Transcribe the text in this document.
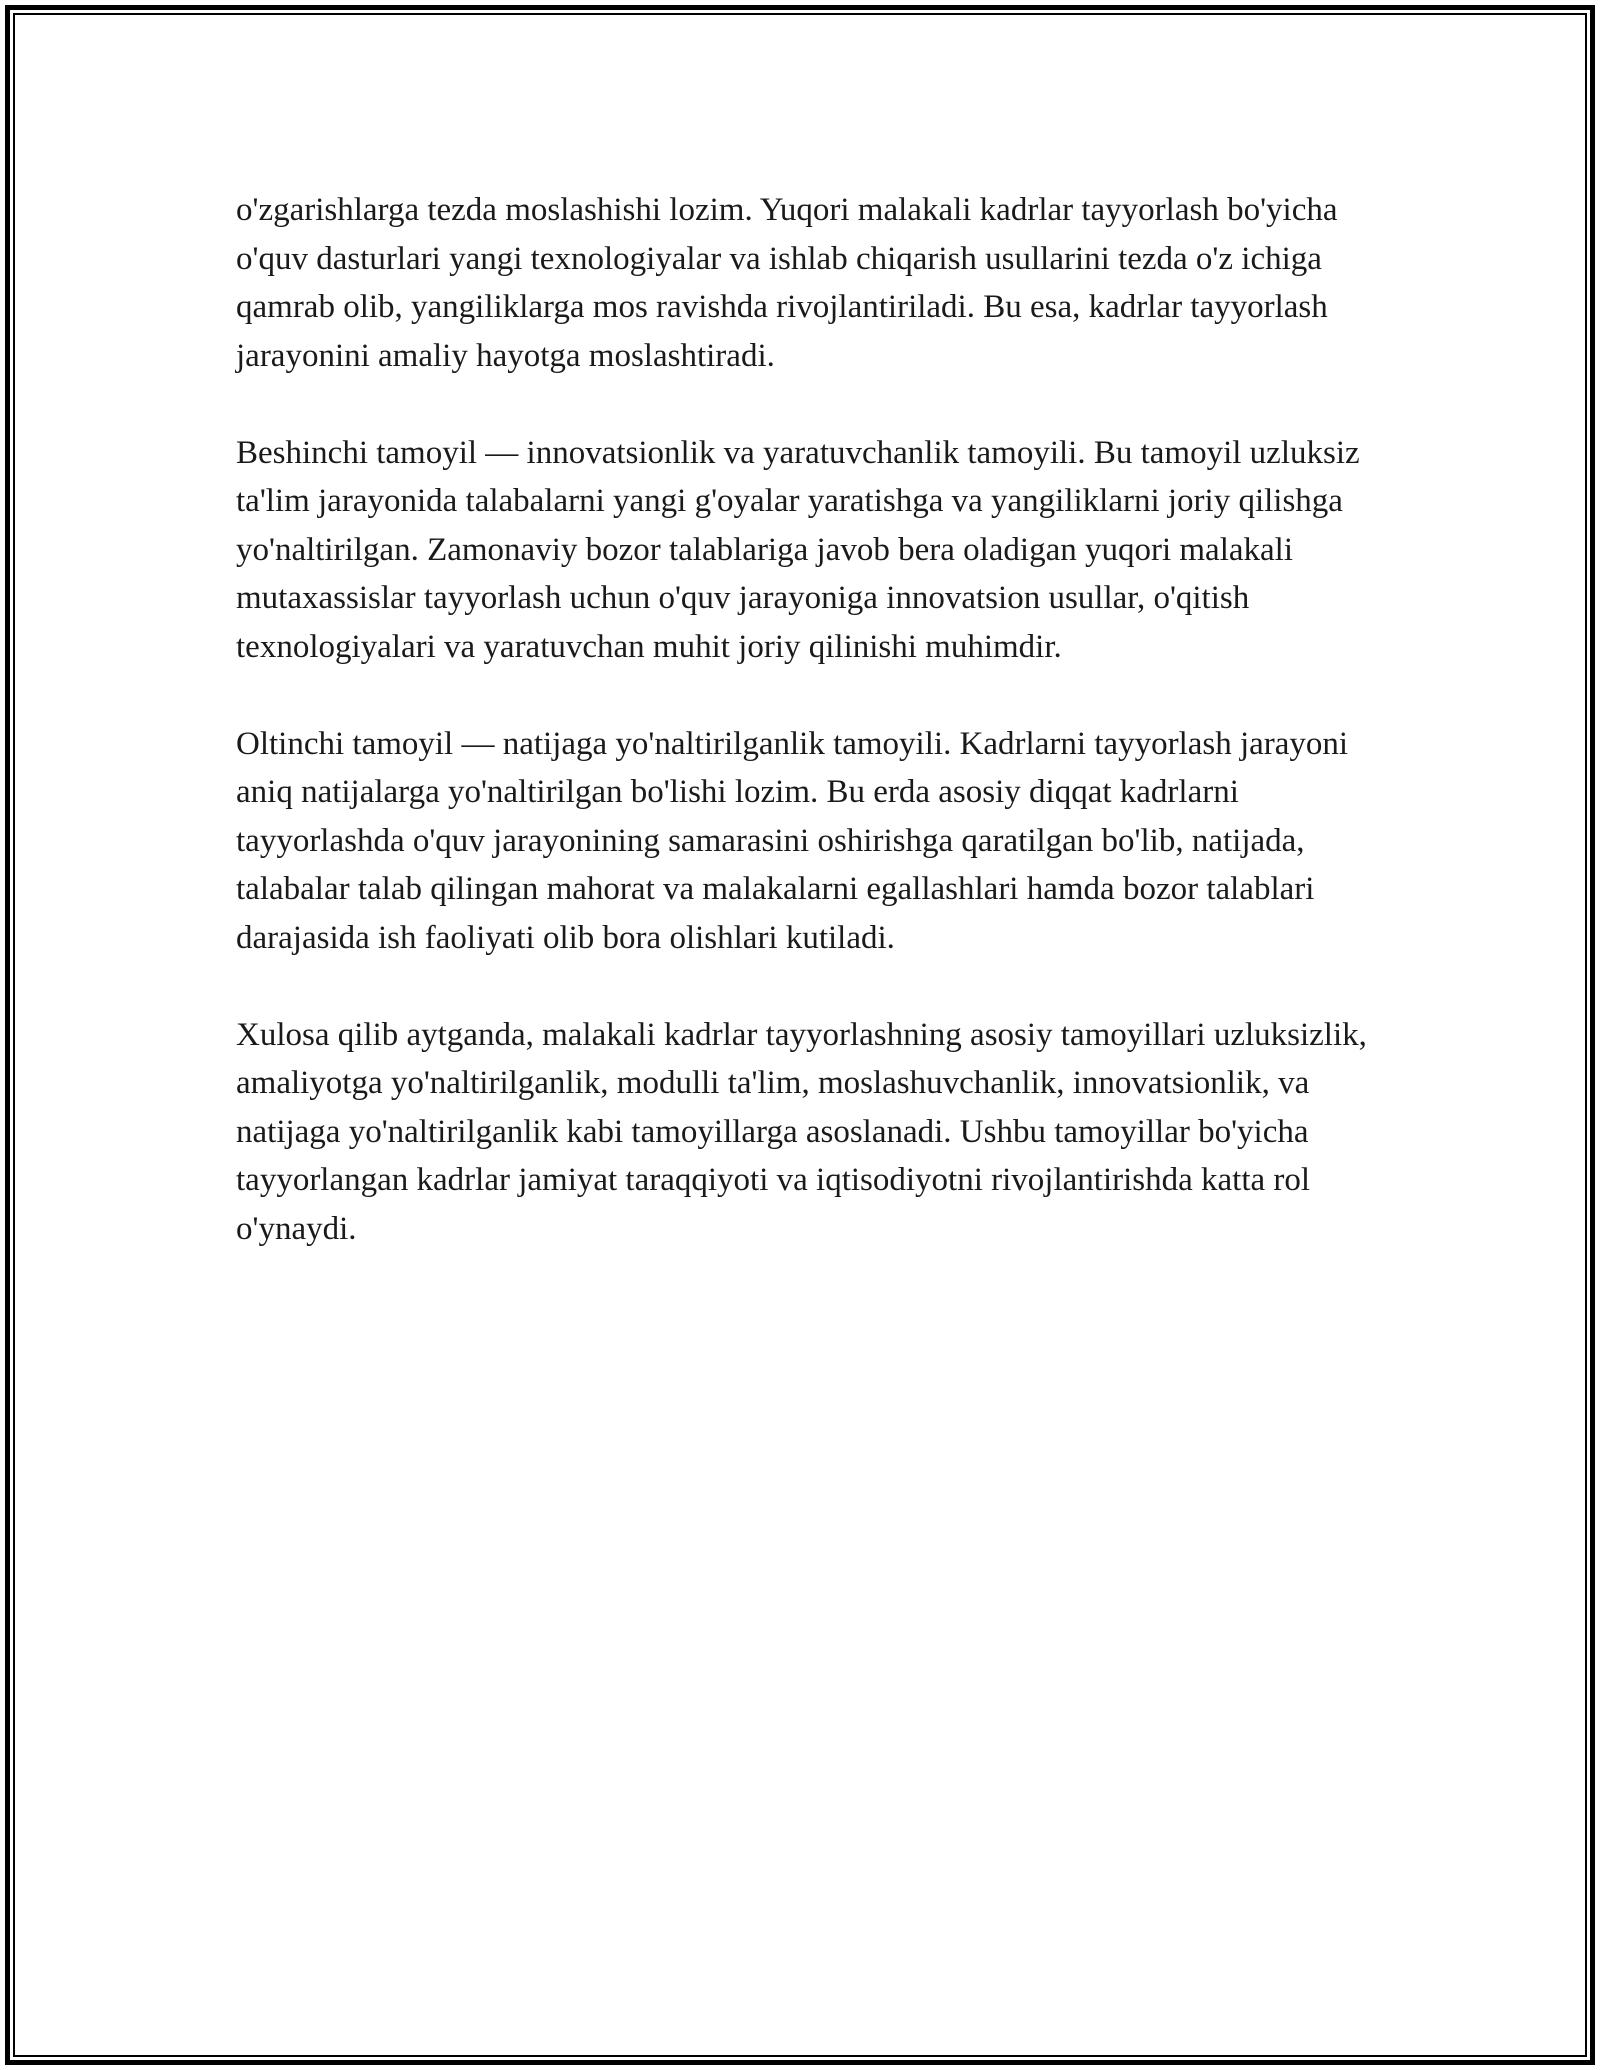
o'zgarishlarga tezda moslashishi lozim. Yuqori malakali kadrlar tayyorlash bo'yicha o'quv dasturlari yangi texnologiyalar va ishlab chiqarish usullarini tezda o'z ichiga qamrab olib, yangiliklarga mos ravishda rivojlantiriladi. Bu esa, kadrlar tayyorlash jarayonini amaliy hayotga moslashtiradi.

Beshinchi tamoyil — innovatsionlik va yaratuvchanlik tamoyili. Bu tamoyil uzluksiz ta'lim jarayonida talabalarni yangi g'oyalar yaratishga va yangiliklarni joriy qilishga yo'naltirilgan. Zamonaviy bozor talablariga javob bera oladigan yuqori malakali mutaxassislar tayyorlash uchun o'quv jarayoniga innovatsion usullar, o'qitish texnologiyalari va yaratuvchan muhit joriy qilinishi muhimdir.

Oltinchi tamoyil — natijaga yo'naltirilganlik tamoyili. Kadrlarni tayyorlash jarayoni aniq natijalarga yo'naltirilgan bo'lishi lozim. Bu erda asosiy diqqat kadrlarni tayyorlashda o'quv jarayonining samarasini oshirishga qaratilgan bo'lib, natijada, talabalar talab qilingan mahorat va malakalarni egallashlari hamda bozor talablari darajasida ish faoliyati olib bora olishlari kutiladi.

Xulosa qilib aytganda, malakali kadrlar tayyorlashning asosiy tamoyillari uzluksizlik, amaliyotga yo'naltirilganlik, modulli ta'lim, moslashuvchanlik, innovatsionlik, va natijaga yo'naltirilganlik kabi tamoyillarga asoslanadi. Ushbu tamoyillar bo'yicha tayyorlangan kadrlar jamiyat taraqqiyoti va iqtisodiyotni rivojlantirishda katta rol o'ynaydi.
